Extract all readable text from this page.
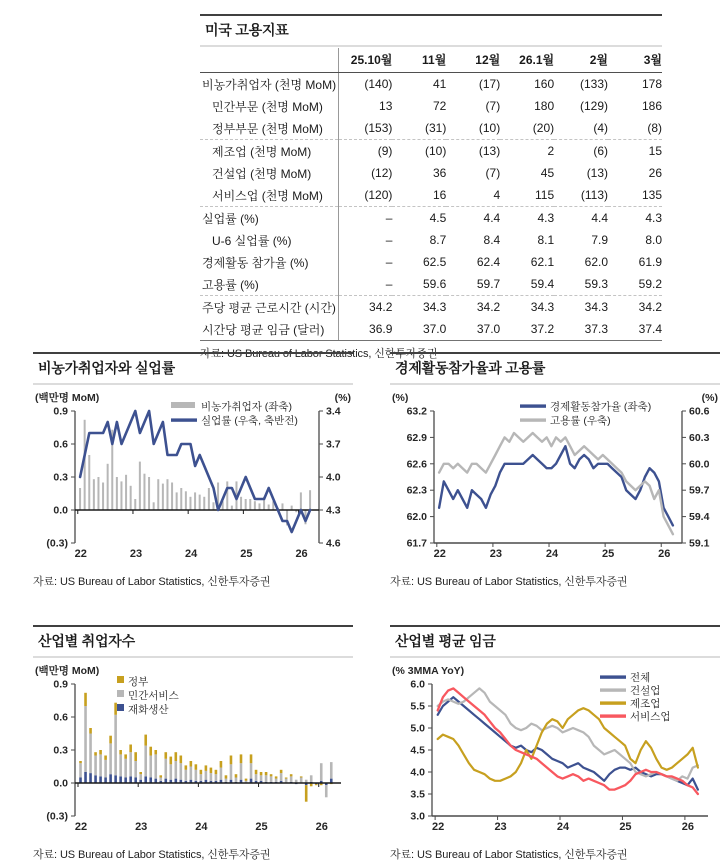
미국 고용지표
	25.10월	11월	12월	26.1월	2월	3월
비농가취업자 (천명 MoM)	(140)	41	(17)	160	(133)	178
민간부문 (천명 MoM)	13	72	(7)	180	(129)	186
정부부문 (천명 MoM)	(153)	(31)	(10)	(20)	(4)	(8)
제조업 (천명 MoM)	(9)	(10)	(13)	2	(6)	15
건설업 (천명 MoM)	(12)	36	(7)	45	(13)	26
서비스업 (천명 MoM)	(120)	16	4	115	(113)	135
실업률 (%)	–	4.5	4.4	4.3	4.4	4.3
U-6 실업률 (%)	–	8.7	8.4	8.1	7.9	8.0
경제활동 참가율 (%)	–	62.5	62.4	62.1	62.0	61.9
고용률 (%)	–	59.6	59.7	59.4	59.3	59.2
주당 평균 근로시간 (시간)	34.2	34.3	34.2	34.3	34.3	34.2
시간당 평균 임금 (달러)	36.9	37.0	37.0	37.2	37.3	37.4
자료: US Bureau of Labor Statistics, 신한투자증권
비농가취업자와 실업률
0.9
0.6
0.3
0.0
(0.3)
3.4
3.7
4.0
4.3
4.6
22	23	24	25	26
비농가취업자 (좌축)
실업률 (우축, 축반전)
(백만명 MoM)	(%)
자료: US Bureau of Labor Statistics, 신한투자증권
경제활동참가율과 고용률
63.2
62.9
62.6
62.3
62.0
61.7
60.6
60.3
60.0
59.7
59.4
59.1
22	23	24	25	26
경제활동참가율 (좌축)
고용률 (우축)
(%)	(%)
자료: US Bureau of Labor Statistics, 신한투자증권
산업별 취업자수
0.9
0.6
0.3
0.0
(0.3)
22	23	24	25	26
정부
민간서비스
재화생산
(백만명 MoM)
자료: US Bureau of Labor Statistics, 신한투자증권
산업별 평균 임금
6.0
5.5
5.0
4.5
4.0
3.5
3.0
22	23	24	25	26
전체
건설업
제조업
서비스업
(% 3MMA YoY)
자료: US Bureau of Labor Statistics, 신한투자증권
